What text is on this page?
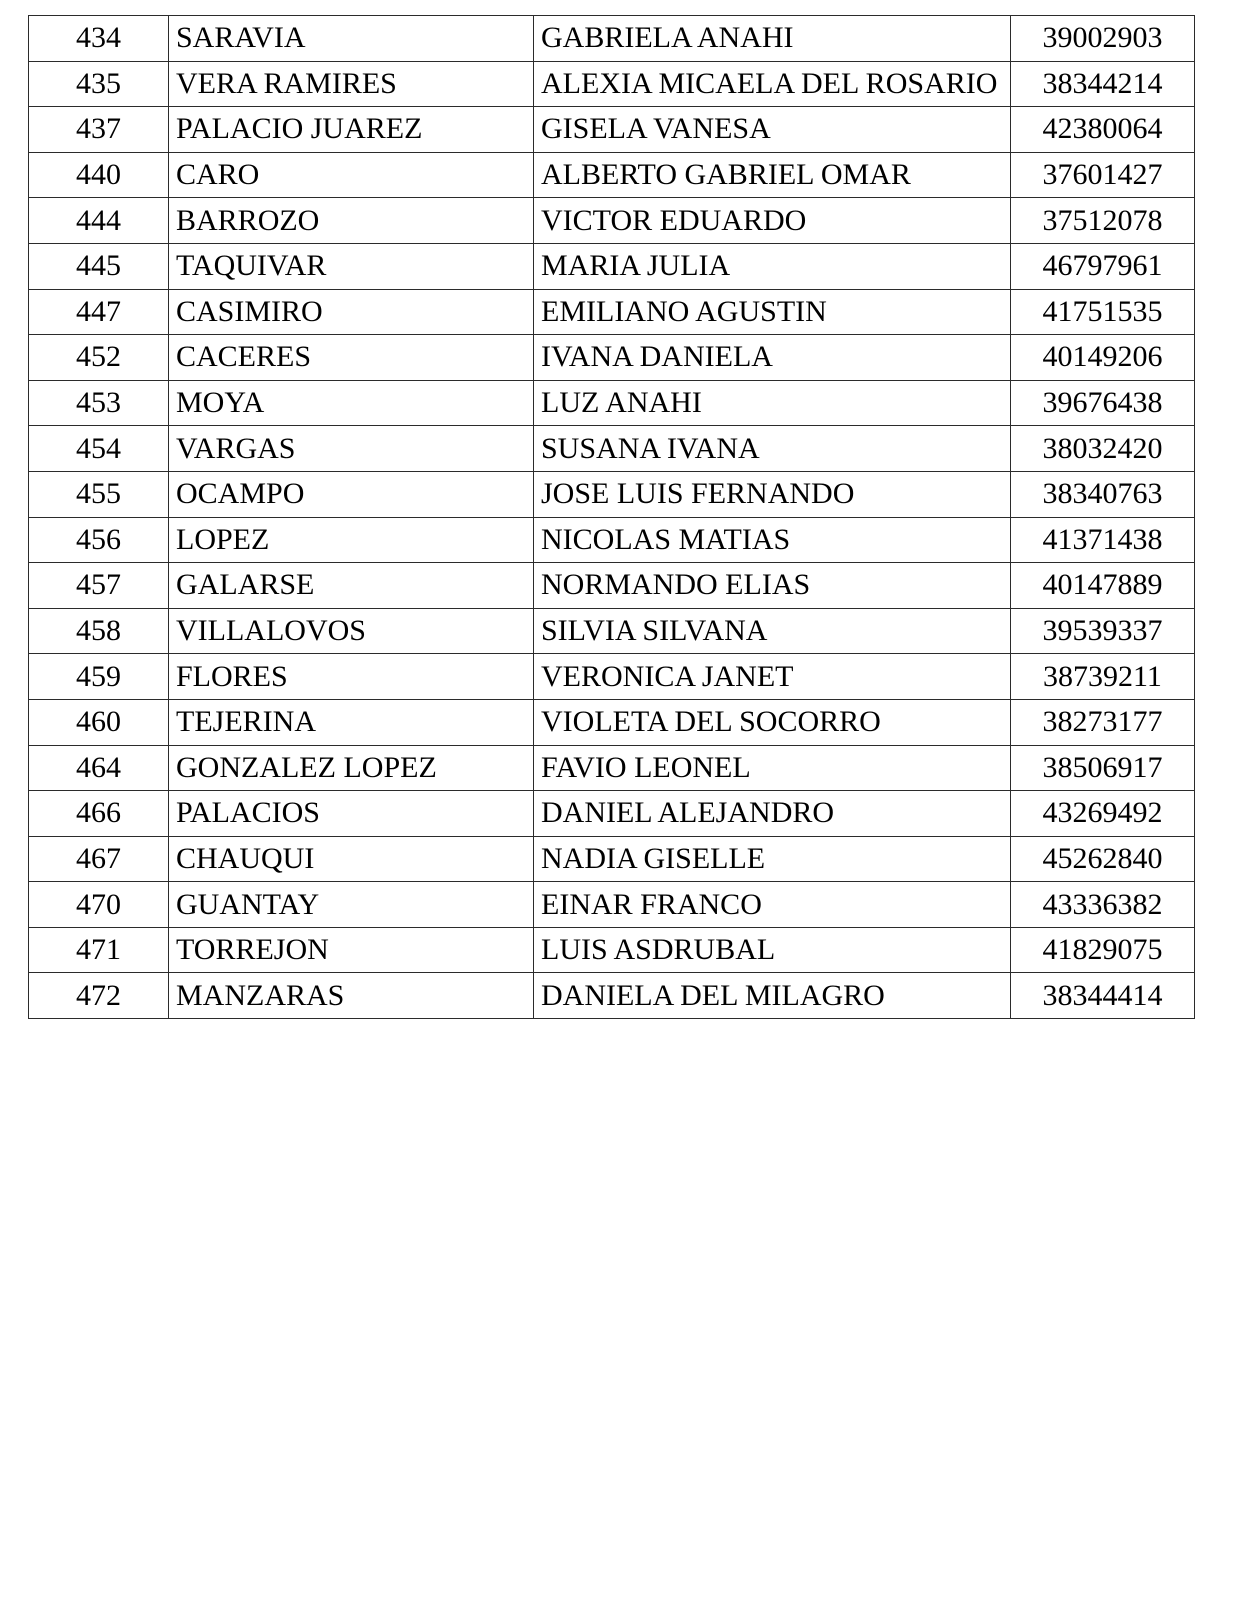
434	SARAVIA	GABRIELA ANAHI	39002903
435	VERA RAMIRES	ALEXIA MICAELA DEL ROSARIO	38344214
437	PALACIO JUAREZ	GISELA VANESA	42380064
440	CARO	ALBERTO GABRIEL OMAR	37601427
444	BARROZO	VICTOR EDUARDO	37512078
445	TAQUIVAR	MARIA JULIA	46797961
447	CASIMIRO	EMILIANO AGUSTIN	41751535
452	CACERES	IVANA DANIELA	40149206
453	MOYA	LUZ ANAHI	39676438
454	VARGAS	SUSANA IVANA	38032420
455	OCAMPO	JOSE LUIS FERNANDO	38340763
456	LOPEZ	NICOLAS MATIAS	41371438
457	GALARSE	NORMANDO ELIAS	40147889
458	VILLALOVOS	SILVIA SILVANA	39539337
459	FLORES	VERONICA JANET	38739211
460	TEJERINA	VIOLETA DEL SOCORRO	38273177
464	GONZALEZ LOPEZ	FAVIO LEONEL	38506917
466	PALACIOS	DANIEL ALEJANDRO	43269492
467	CHAUQUI	NADIA GISELLE	45262840
470	GUANTAY	EINAR FRANCO	43336382
471	TORREJON	LUIS ASDRUBAL	41829075
472	MANZARAS	DANIELA DEL MILAGRO	38344414
